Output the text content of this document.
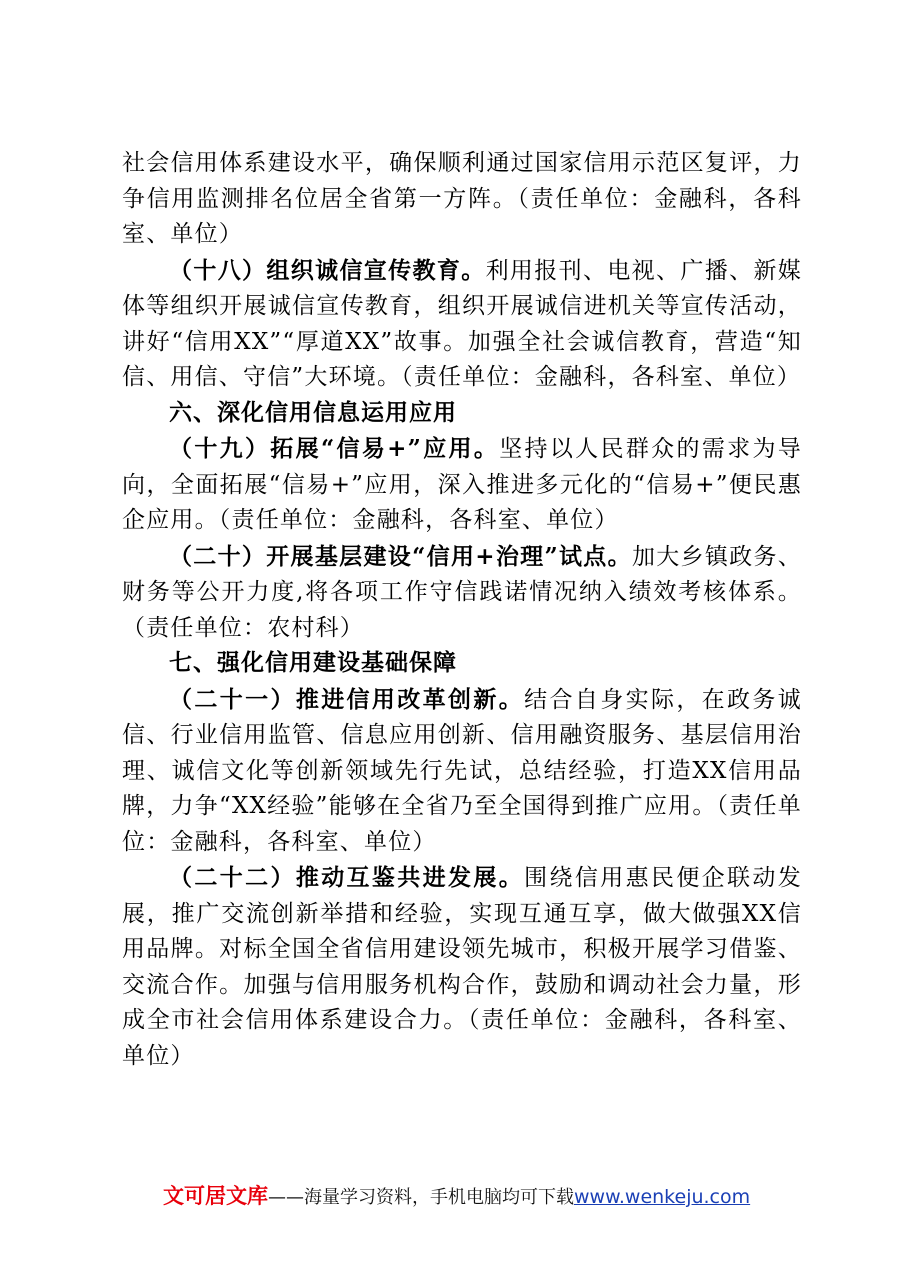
社会信用体系建设水平，确保顺利通过国家信用示范区复评，力争信用监测排名位居全省第一方阵。（责任单位：金融科，各科室、单位）

（十八）组织诚信宣传教育。利用报刊、电视、广播、新媒体等组织开展诚信宣传教育，组织开展诚信进机关等宣传活动，讲好“信用XX”“厚道XX”故事。加强全社会诚信教育，营造“知信、用信、守信”大环境。（责任单位：金融科，各科室、单位）

六、深化信用信息运用应用

（十九）拓展“信易+”应用。坚持以人民群众的需求为导向，全面拓展“信易+”应用，深入推进多元化的“信易+”便民惠企应用。（责任单位：金融科，各科室、单位）

（二十）开展基层建设“信用+治理”试点。加大乡镇政务、财务等公开力度,将各项工作守信践诺情况纳入绩效考核体系。（责任单位：农村科）

七、强化信用建设基础保障

（二十一）推进信用改革创新。结合自身实际，在政务诚信、行业信用监管、信息应用创新、信用融资服务、基层信用治理、诚信文化等创新领域先行先试，总结经验，打造XX信用品牌，力争“XX经验”能够在全省乃至全国得到推广应用。（责任单位：金融科，各科室、单位）

（二十二）推动互鉴共进发展。围绕信用惠民便企联动发展，推广交流创新举措和经验，实现互通互享，做大做强XX信用品牌。对标全国全省信用建设领先城市，积极开展学习借鉴、交流合作。加强与信用服务机构合作，鼓励和调动社会力量，形成全市社会信用体系建设合力。（责任单位：金融科，各科室、单位）

文可居文库——海量学习资料，手机电脑均可下载www.wenkeju.com
